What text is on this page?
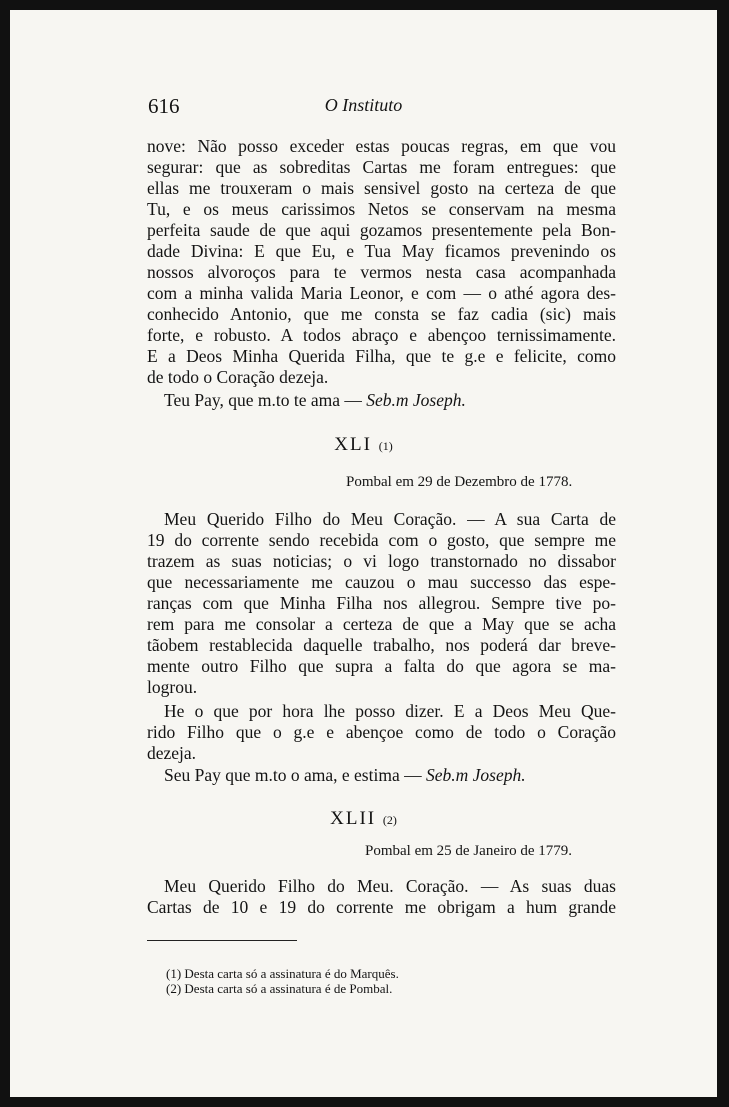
616	O Instituto
nove: Não posso exceder estas poucas regras, em que vou
segurar: que as sobreditas Cartas me foram entregues: que
ellas me trouxeram o mais sensivel gosto na certeza de que
Tu, e os meus carissimos Netos se conservam na mesma
perfeita saude de que aqui gozamos presentemente pela Bon-
dade Divina: E que Eu, e Tua May ficamos prevenindo os
nossos alvoroços para te vermos nesta casa acompanhada
com a minha valida Maria Leonor, e com — o athé agora des-
conhecido Antonio, que me consta se faz cadia (sic) mais
forte, e robusto. A todos abraço e abençoo ternissimamente.
E a Deos Minha Querida Filha, que te g.e e felicite, como
de todo o Coração dezeja.
Teu Pay, que m.to te ama — Seb.m Joseph.
XLI (1)
Pombal em 29 de Dezembro de 1778.
Meu Querido Filho do Meu Coração. — A sua Carta de
19 do corrente sendo recebida com o gosto, que sempre me
trazem as suas noticias; o vi logo transtornado no dissabor
que necessariamente me cauzou o mau successo das espe-
ranças com que Minha Filha nos allegrou. Sempre tive po-
rem para me consolar a certeza de que a May que se acha
tãobem restablecida daquelle trabalho, nos poderá dar breve-
mente outro Filho que supra a falta do que agora se ma-
logrou.
He o que por hora lhe posso dizer. E a Deos Meu Que-
rido Filho que o g.e e abençoe como de todo o Coração
dezeja.
Seu Pay que m.to o ama, e estima — Seb.m Joseph.
XLII (2)
Pombal em 25 de Janeiro de 1779.
Meu Querido Filho do Meu. Coração. — As suas duas
Cartas de 10 e 19 do corrente me obrigam a hum grande
(1) Desta carta só a assinatura é do Marquês.
(2) Desta carta só a assinatura é de Pombal.
